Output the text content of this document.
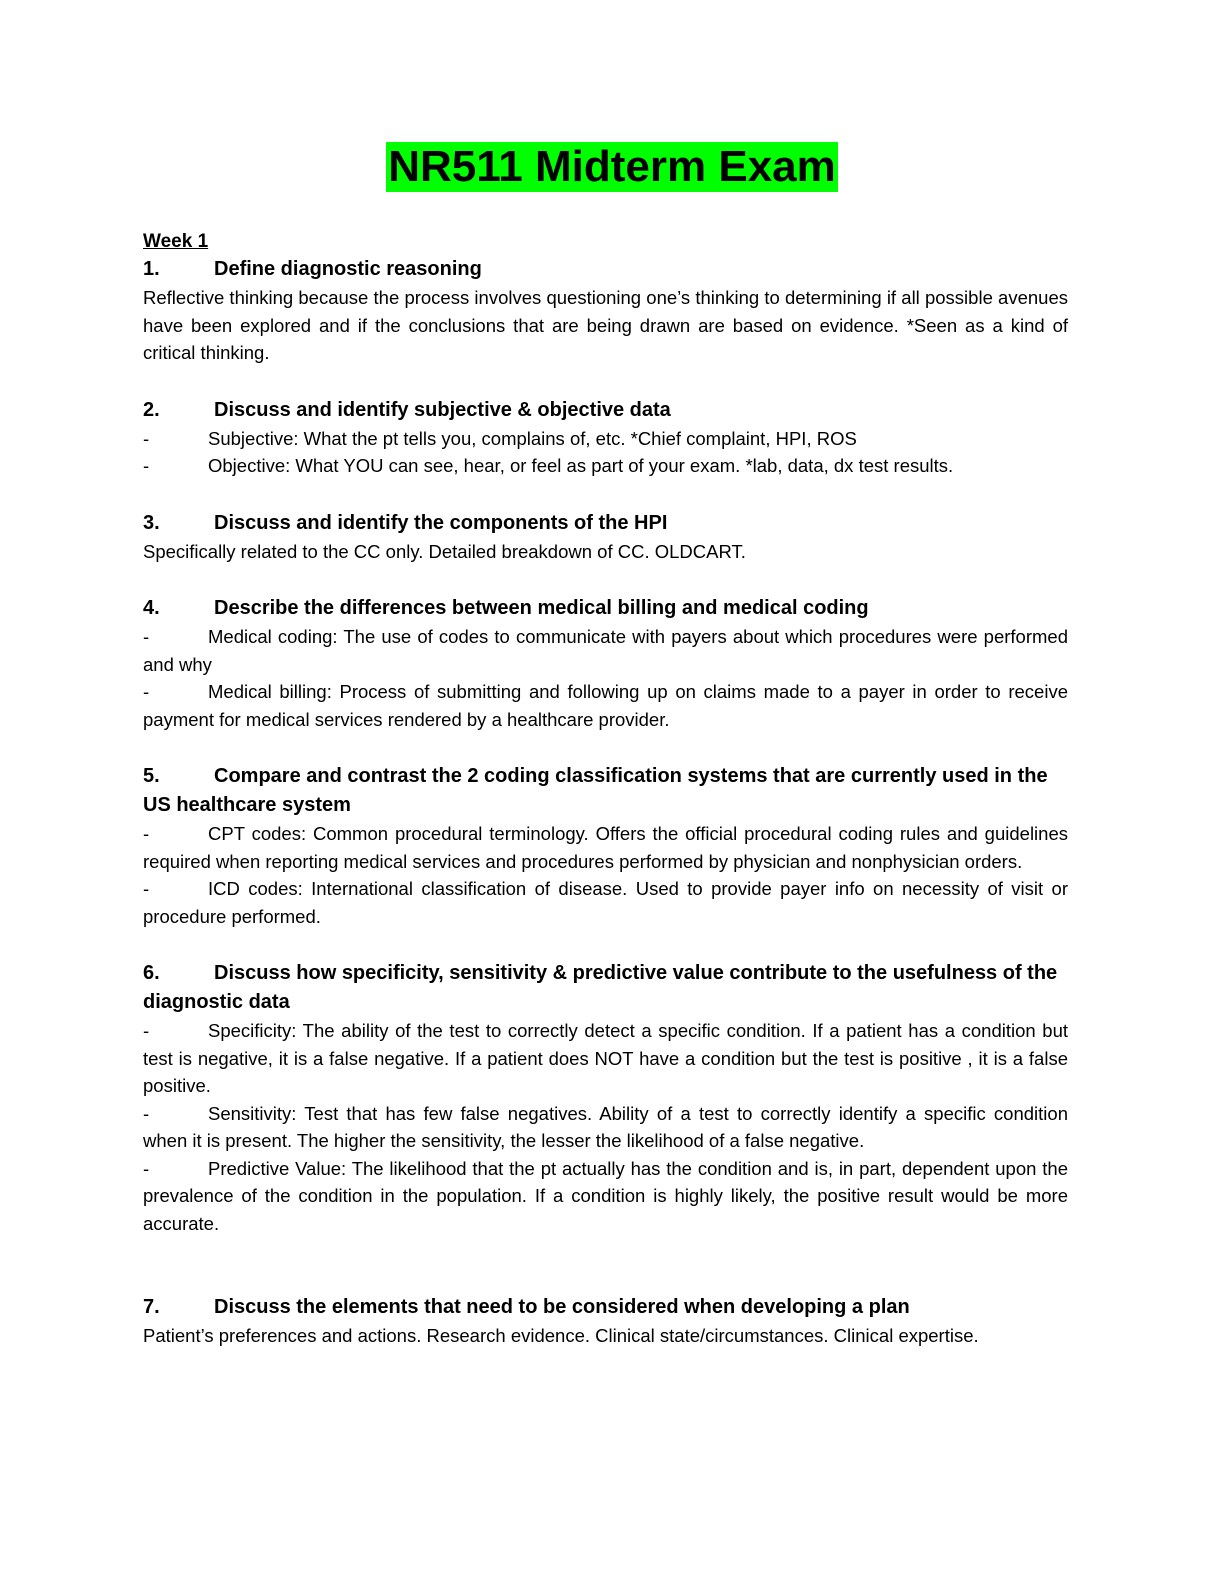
NR511 Midterm Exam
Week 1
1.	Define diagnostic reasoning
Reflective thinking because the process involves questioning one’s thinking to determining if all possible avenues have been explored and if the conclusions that are being drawn are based on evidence. *Seen as a kind of critical thinking.
2.	Discuss and identify subjective & objective data
-	Subjective: What the pt tells you, complains of, etc. *Chief complaint, HPI, ROS
-	Objective: What YOU can see, hear, or feel as part of your exam. *lab, data, dx test results.
3.	Discuss and identify the components of the HPI
Specifically related to the CC only. Detailed breakdown of CC. OLDCART.
4.	Describe the differences between medical billing and medical coding
-	Medical coding: The use of codes to communicate with payers about which procedures were performed and why
-	Medical billing: Process of submitting and following up on claims made to a payer in order to receive payment for medical services rendered by a healthcare provider.
5.	Compare and contrast the 2 coding classification systems that are currently used in the US healthcare system
-	CPT codes: Common procedural terminology. Offers the official procedural coding rules and guidelines required when reporting medical services and procedures performed by physician and nonphysician orders.
-	ICD codes: International classification of disease. Used to provide payer info on necessity of visit or procedure performed.
6.	Discuss how specificity, sensitivity & predictive value contribute to the usefulness of the diagnostic data
-	Specificity: The ability of the test to correctly detect a specific condition. If a patient has a condition but test is negative, it is a false negative. If a patient does NOT have a condition but the test is positive , it is a false positive.
-	Sensitivity: Test that has few false negatives. Ability of a test to correctly identify a specific condition when it is present. The higher the sensitivity, the lesser the likelihood of a false negative.
-	Predictive Value: The likelihood that the pt actually has the condition and is, in part, dependent upon the prevalence of the condition in the population. If a condition is highly likely, the positive result would be more accurate.
7.	Discuss the elements that need to be considered when developing a plan
Patient’s preferences and actions. Research evidence. Clinical state/circumstances. Clinical expertise.
